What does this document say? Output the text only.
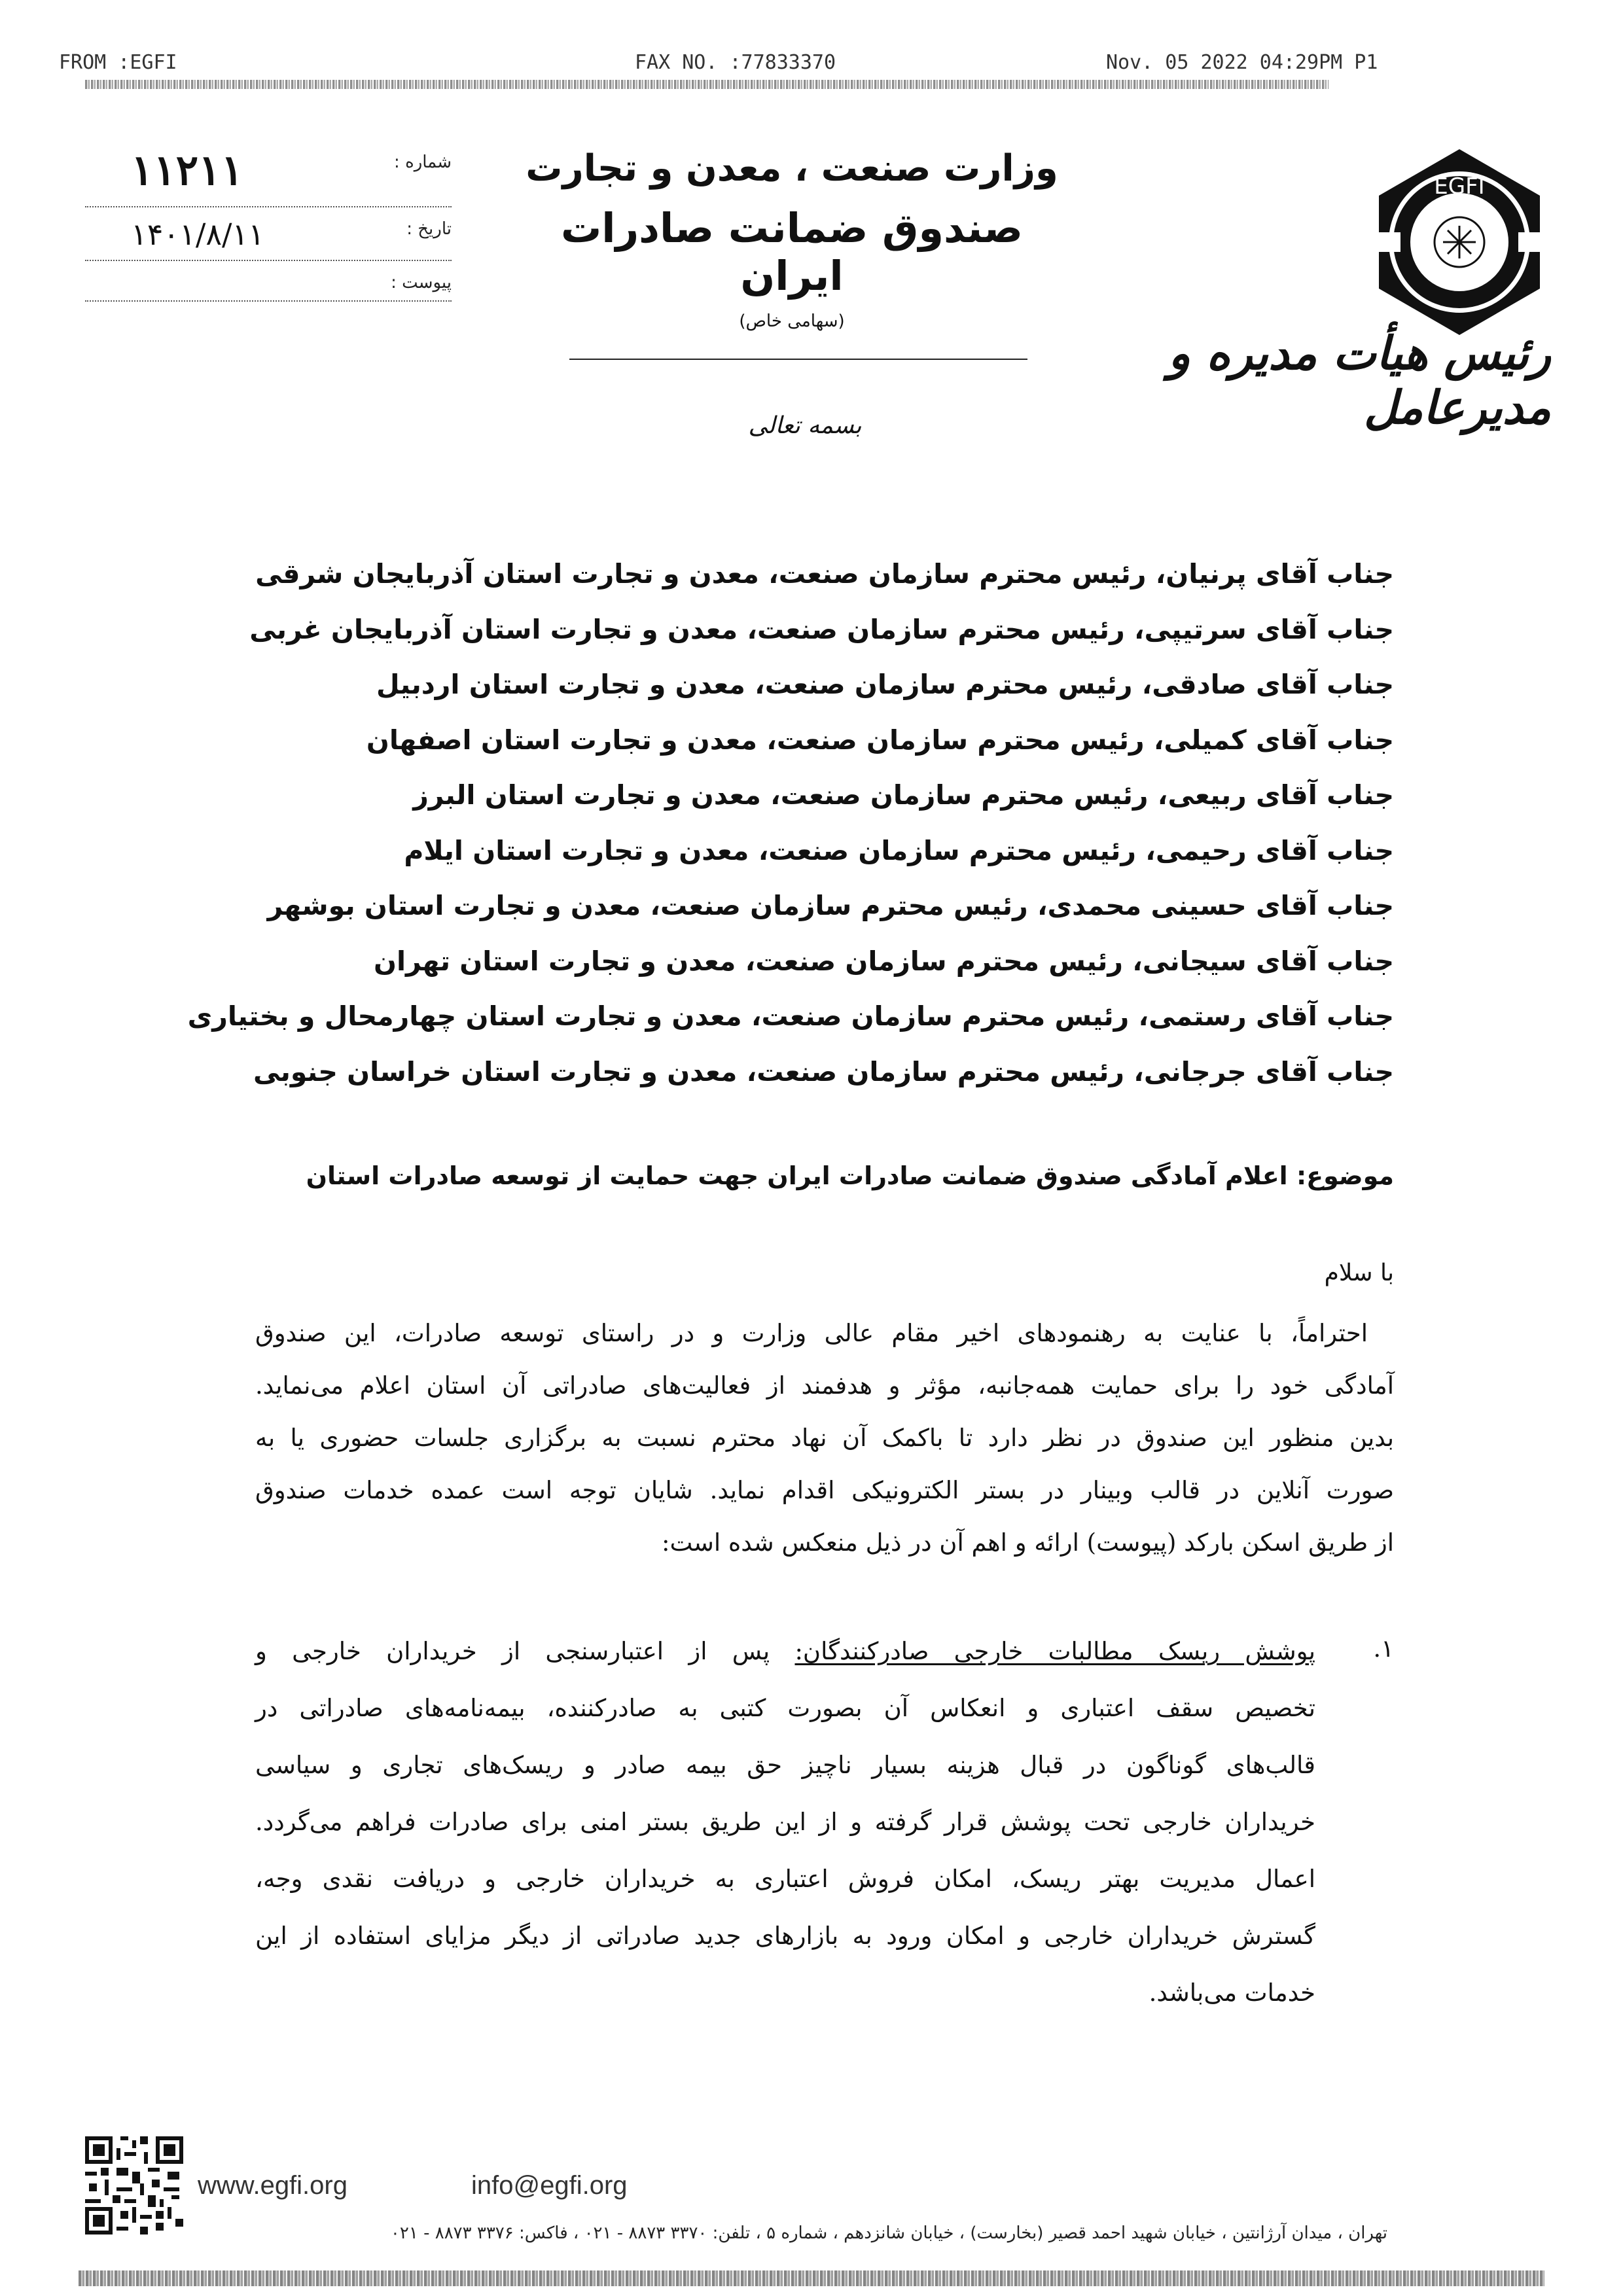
FROM :EGFI	FAX NO. :77833370	Nov. 05 2022 04:29PM P1
شماره :
۱۱۲۱۱
تاریخ :
۱۴۰۱/۸/۱۱
پیوست :
وزارت صنعت ، معدن و تجارت
صندوق ضمانت صادرات ایران
(سهامی خاص)
EGFI
رئیس هیأت مدیره و مدیرعامل
بسمه تعالی
جناب آقای پرنیان، رئیس محترم سازمان صنعت، معدن و تجارت استان آذربایجان شرقی
جناب آقای سرتیپی، رئیس محترم سازمان صنعت، معدن و تجارت استان آذربایجان غربی
جناب آقای صادقی، رئیس محترم سازمان صنعت، معدن و تجارت استان اردبیل
جناب آقای کمیلی، رئیس محترم سازمان صنعت، معدن و تجارت استان اصفهان
جناب آقای ربیعی، رئیس محترم سازمان صنعت، معدن و تجارت استان البرز
جناب آقای رحیمی، رئیس محترم سازمان صنعت، معدن و تجارت استان ایلام
جناب آقای حسینی محمدی، رئیس محترم سازمان صنعت، معدن و تجارت استان بوشهر
جناب آقای سیجانی، رئیس محترم سازمان صنعت، معدن و تجارت استان تهران
جناب آقای رستمی، رئیس محترم سازمان صنعت، معدن و تجارت استان چهارمحال و بختیاری
جناب آقای جرجانی، رئیس محترم سازمان صنعت، معدن و تجارت استان خراسان جنوبی
موضوع: اعلام آمادگی صندوق ضمانت صادرات ایران جهت حمایت از توسعه صادرات استان
با سلام
احتراماً، با عنایت به رهنمودهای اخیر مقام عالی وزارت و در راستای توسعه صادرات، این صندوق
آمادگی خود را برای حمایت همه‌جانبه، مؤثر و هدفمند از فعالیت‌های صادراتی آن استان اعلام می‌نماید.
بدین منظور این صندوق در نظر دارد تا باکمک آن نهاد محترم نسبت به برگزاری جلسات حضوری یا به
صورت آنلاین در قالب وبینار در بستر الکترونیکی اقدام نماید. شایان توجه است عمده خدمات صندوق
از طریق اسکن بارکد (پیوست) ارائه و اهم آن در ذیل منعکس شده است:
۱.
پوشش ریسک مطالبات خارجی صادرکنندگان: پس از اعتبارسنجی از خریداران خارجی و
تخصیص سقف اعتباری و انعکاس آن بصورت کتبی به صادرکننده، بیمه‌نامه‌های صادراتی در
قالب‌های گوناگون در قبال هزینه بسیار ناچیز حق بیمه صادر و ریسک‌های تجاری و سیاسی
خریداران خارجی تحت پوشش قرار گرفته و از این طریق بستر امنی برای صادرات فراهم می‌گردد.
اعمال مدیریت بهتر ریسک، امکان فروش اعتباری به خریداران خارجی و دریافت نقدی وجه،
گسترش خریداران خارجی و امکان ورود به بازارهای جدید صادراتی از دیگر مزایای استفاده از این
خدمات می‌باشد.
www.egfi.org	info@egfi.org
تهران ، میدان آرژانتین ، خیابان شهید احمد قصیر (بخارست) ، خیابان شانزدهم ، شماره ۵ ، تلفن: ۳۳۷۰ ۸۸۷۳ - ۰۲۱ ، فاکس: ۳۳۷۶ ۸۸۷۳ - ۰۲۱
